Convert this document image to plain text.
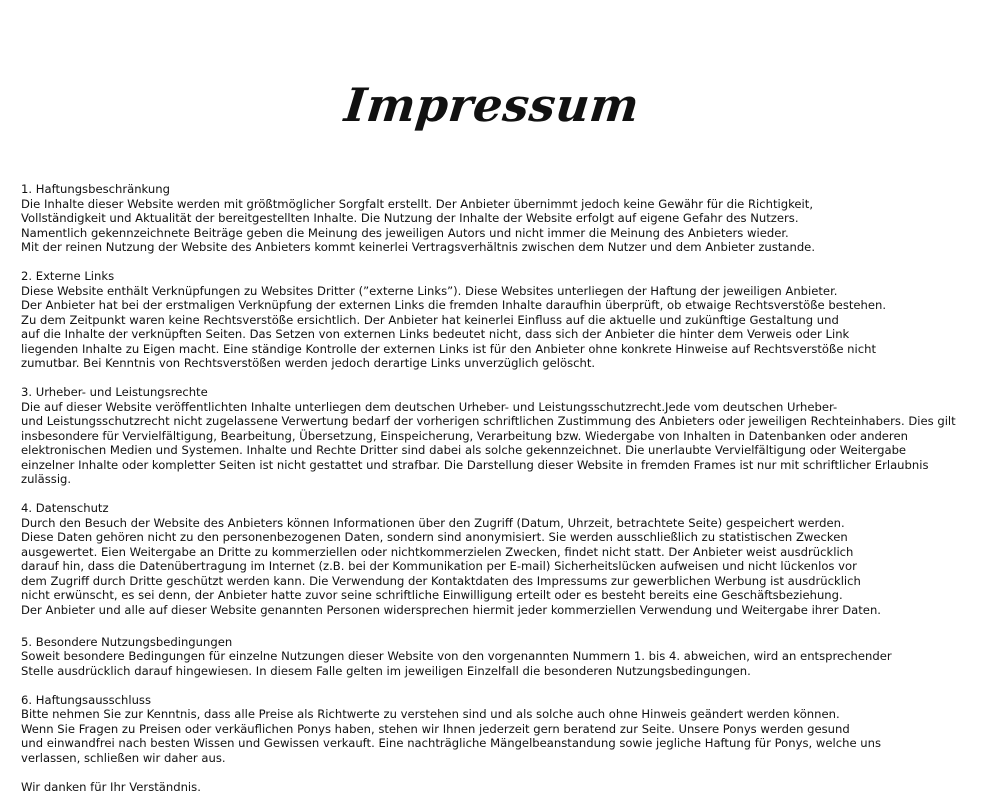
Impressum
1. Haftungsbeschränkung
Die Inhalte dieser Website werden mit größtmöglicher Sorgfalt erstellt. Der Anbieter übernimmt jedoch keine Gewähr für die Richtigkeit,
Vollständigkeit und Aktualität der bereitgestellten Inhalte. Die Nutzung der Inhalte der Website erfolgt auf eigene Gefahr des Nutzers.
Namentlich gekennzeichnete Beiträge geben die Meinung des jeweiligen Autors und nicht immer die Meinung des Anbieters wieder.
Mit der reinen Nutzung der Website des Anbieters kommt keinerlei Vertragsverhältnis zwischen dem Nutzer und dem Anbieter zustande.
2. Externe Links
Diese Website enthält Verknüpfungen zu Websites Dritter (”externe Links”). Diese Websites unterliegen der Haftung der jeweiligen Anbieter.
Der Anbieter hat bei der erstmaligen Verknüpfung der externen Links die fremden Inhalte daraufhin überprüft, ob etwaige Rechtsverstöße bestehen.
Zu dem Zeitpunkt waren keine Rechtsverstöße ersichtlich. Der Anbieter hat keinerlei Einfluss auf die aktuelle und zukünftige Gestaltung und
auf die Inhalte der verknüpften Seiten. Das Setzen von externen Links bedeutet nicht, dass sich der Anbieter die hinter dem Verweis oder Link
liegenden Inhalte zu Eigen macht. Eine ständige Kontrolle der externen Links ist für den Anbieter ohne konkrete Hinweise auf Rechtsverstöße nicht
zumutbar. Bei Kenntnis von Rechtsverstößen werden jedoch derartige Links unverzüglich gelöscht.
3. Urheber- und Leistungsrechte
Die auf dieser Website veröffentlichten Inhalte unterliegen dem deutschen Urheber- und Leistungsschutzrecht.Jede vom deutschen Urheber-
und Leistungsschutzrecht nicht zugelassene Verwertung bedarf der vorherigen schriftlichen Zustimmung des Anbieters oder jeweiligen Rechteinhabers. Dies gilt
insbesondere für Vervielfältigung, Bearbeitung, Übersetzung, Einspeicherung, Verarbeitung bzw. Wiedergabe von Inhalten in Datenbanken oder anderen
elektronischen Medien und Systemen. Inhalte und Rechte Dritter sind dabei als solche gekennzeichnet. Die unerlaubte Vervielfältigung oder Weitergabe
einzelner Inhalte oder kompletter Seiten ist nicht gestattet und strafbar. Die Darstellung dieser Website in fremden Frames ist nur mit schriftlicher Erlaubnis
zulässig.
4. Datenschutz
Durch den Besuch der Website des Anbieters können Informationen über den Zugriff (Datum, Uhrzeit, betrachtete Seite) gespeichert werden.
Diese Daten gehören nicht zu den personenbezogenen Daten, sondern sind anonymisiert. Sie werden ausschließlich zu statistischen Zwecken
ausgewertet. Eien Weitergabe an Dritte zu kommerziellen oder nichtkommerzielen Zwecken, findet nicht statt. Der Anbieter weist ausdrücklich
darauf hin, dass die Datenübertragung im Internet (z.B. bei der Kommunikation per E-mail) Sicherheitslücken aufweisen und nicht lückenlos vor
dem Zugriff durch Dritte geschützt werden kann. Die Verwendung der Kontaktdaten des Impressums zur gewerblichen Werbung ist ausdrücklich
nicht erwünscht, es sei denn, der Anbieter hatte zuvor seine schriftliche Einwilligung erteilt oder es besteht bereits eine Geschäftsbeziehung.
Der Anbieter und alle auf dieser Website genannten Personen widersprechen hiermit jeder kommerziellen Verwendung und Weitergabe ihrer Daten.
5. Besondere Nutzungsbedingungen
Soweit besondere Bedingungen für einzelne Nutzungen dieser Website von den vorgenannten Nummern 1. bis 4. abweichen, wird an entsprechender
Stelle ausdrücklich darauf hingewiesen. In diesem Falle gelten im jeweiligen Einzelfall die besonderen Nutzungsbedingungen.
6. Haftungsausschluss
Bitte nehmen Sie zur Kenntnis, dass alle Preise als Richtwerte zu verstehen sind und als solche auch ohne Hinweis geändert werden können.
Wenn Sie Fragen zu Preisen oder verkäuflichen Ponys haben, stehen wir Ihnen jederzeit gern beratend zur Seite. Unsere Ponys werden gesund
und einwandfrei nach besten Wissen und Gewissen verkauft. Eine nachträgliche Mängelbeanstandung sowie jegliche Haftung für Ponys, welche uns
verlassen, schließen wir daher aus.
Wir danken für Ihr Verständnis.
